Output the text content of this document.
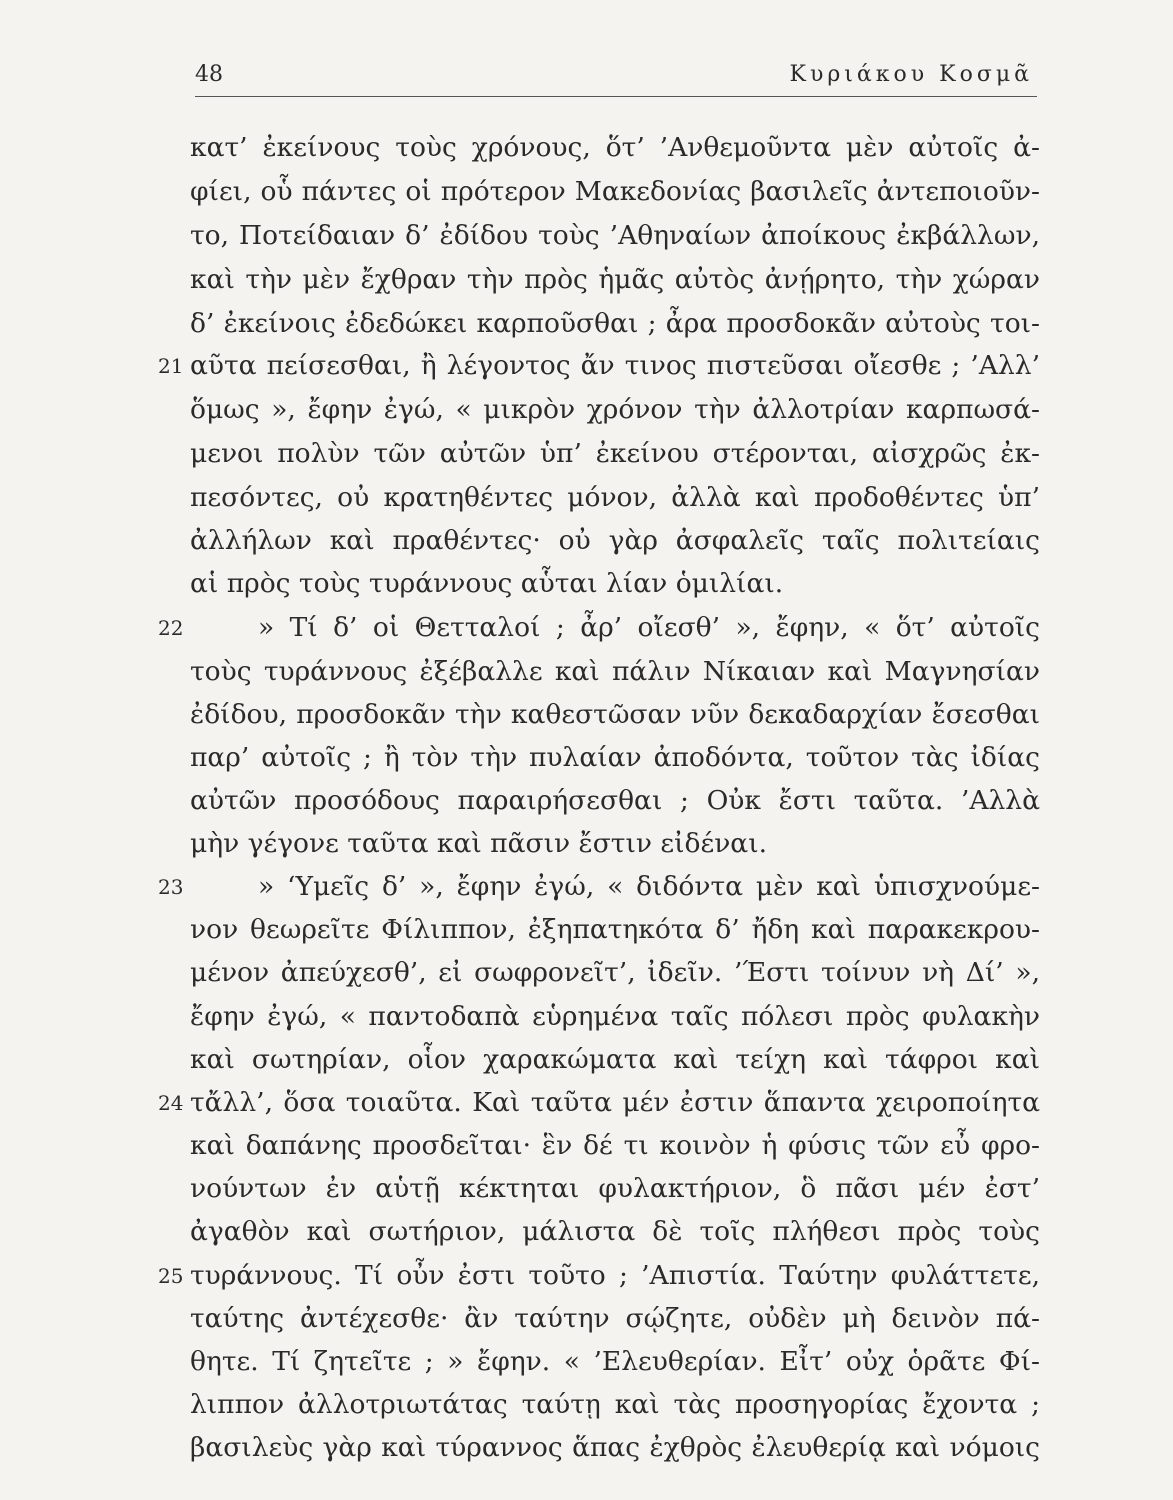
48	Κυριάκου Κοσμᾶ
κατ’ ἐκείνους τοὺς χρόνους, ὅτ’ ’Ανθεμοῦντα μὲν αὐτοῖς ἀ-
φίει, οὗ πάντες οἱ πρότερον Μακεδονίας βασιλεῖς ἀντεποιοῦν-
το, Ποτείδαιαν δ’ ἐδίδου τοὺς ’Αθηναίων ἀποίκους ἐκβάλλων,
καὶ τὴν μὲν ἔχθραν τὴν πρὸς ἡμᾶς αὐτὸς ἀνῄρητο, τὴν χώραν
δ’ ἐκείνοις ἐδεδώκει καρποῦσθαι ; ἆρα προσδοκᾶν αὐτοὺς τοι-
αῦτα πείσεσθαι, ἢ λέγοντος ἄν τινος πιστεῦσαι οἴεσθε ; ’Αλλ’
ὅμως », ἔφην ἐγώ, « μικρὸν χρόνον τὴν ἀλλοτρίαν καρπωσά-
μενοι πολὺν τῶν αὐτῶν ὑπ’ ἐκείνου στέρονται, αἰσχρῶς ἐκ-
πεσόντες, οὐ κρατηθέντες μόνον, ἀλλὰ καὶ προδοθέντες ὑπ’
ἀλλήλων καὶ πραθέντες· οὐ γὰρ ἀσφαλεῖς ταῖς πολιτείαις
αἱ πρὸς τοὺς τυράννους αὗται λίαν ὁμιλίαι.
» Τί δ’ οἱ Θετταλοί ; ἆρ’ οἴεσθ’ », ἔφην, « ὅτ’ αὐτοῖς
τοὺς τυράννους ἐξέβαλλε καὶ πάλιν Νίκαιαν καὶ Μαγνησίαν
ἐδίδου, προσδοκᾶν τὴν καθεστῶσαν νῦν δεκαδαρχίαν ἔσεσθαι
παρ’ αὐτοῖς ; ἢ τὸν τὴν πυλαίαν ἀποδόντα, τοῦτον τὰς ἰδίας
αὐτῶν προσόδους παραιρήσεσθαι ; Οὐκ ἔστι ταῦτα. ’Αλλὰ
μὴν γέγονε ταῦτα καὶ πᾶσιν ἔστιν εἰδέναι.
» ‘Υμεῖς δ’ », ἔφην ἐγώ, « διδόντα μὲν καὶ ὑπισχνούμε-
νον θεωρεῖτε Φίλιππον, ἐξηπατηκότα δ’ ἤδη καὶ παρακεκρου-
μένον ἀπεύχεσθ’, εἰ σωφρονεῖτ’, ἰδεῖν. ’Έστι τοίνυν νὴ Δί’ »,
ἔφην ἐγώ, « παντοδαπὰ εὑρημένα ταῖς πόλεσι πρὸς φυλακὴν
καὶ σωτηρίαν, οἷον χαρακώματα καὶ τείχη καὶ τάφροι καὶ
τἄλλ’, ὅσα τοιαῦτα. Καὶ ταῦτα μέν ἐστιν ἅπαντα χειροποίητα
καὶ δαπάνης προσδεῖται· ἓν δέ τι κοινὸν ἡ φύσις τῶν εὖ φρο-
νούντων ἐν αὑτῇ κέκτηται φυλακτήριον, ὃ πᾶσι μέν ἐστ’
ἀγαθὸν καὶ σωτήριον, μάλιστα δὲ τοῖς πλήθεσι πρὸς τοὺς
τυράννους. Τί οὖν ἐστι τοῦτο ; ’Απιστία. Ταύτην φυλάττετε,
ταύτης ἀντέχεσθε· ἂν ταύτην σῴζητε, οὐδὲν μὴ δεινὸν πά-
θητε. Τί ζητεῖτε ; » ἔφην. « ’Ελευθερίαν. Εἶτ’ οὐχ ὁρᾶτε Φί-
λιππον ἀλλοτριωτάτας ταύτῃ καὶ τὰς προσηγορίας ἔχοντα ;
βασιλεὺς γὰρ καὶ τύραννος ἅπας ἐχθρὸς ἐλευθερίᾳ καὶ νόμοις
21
22
23
24
25
